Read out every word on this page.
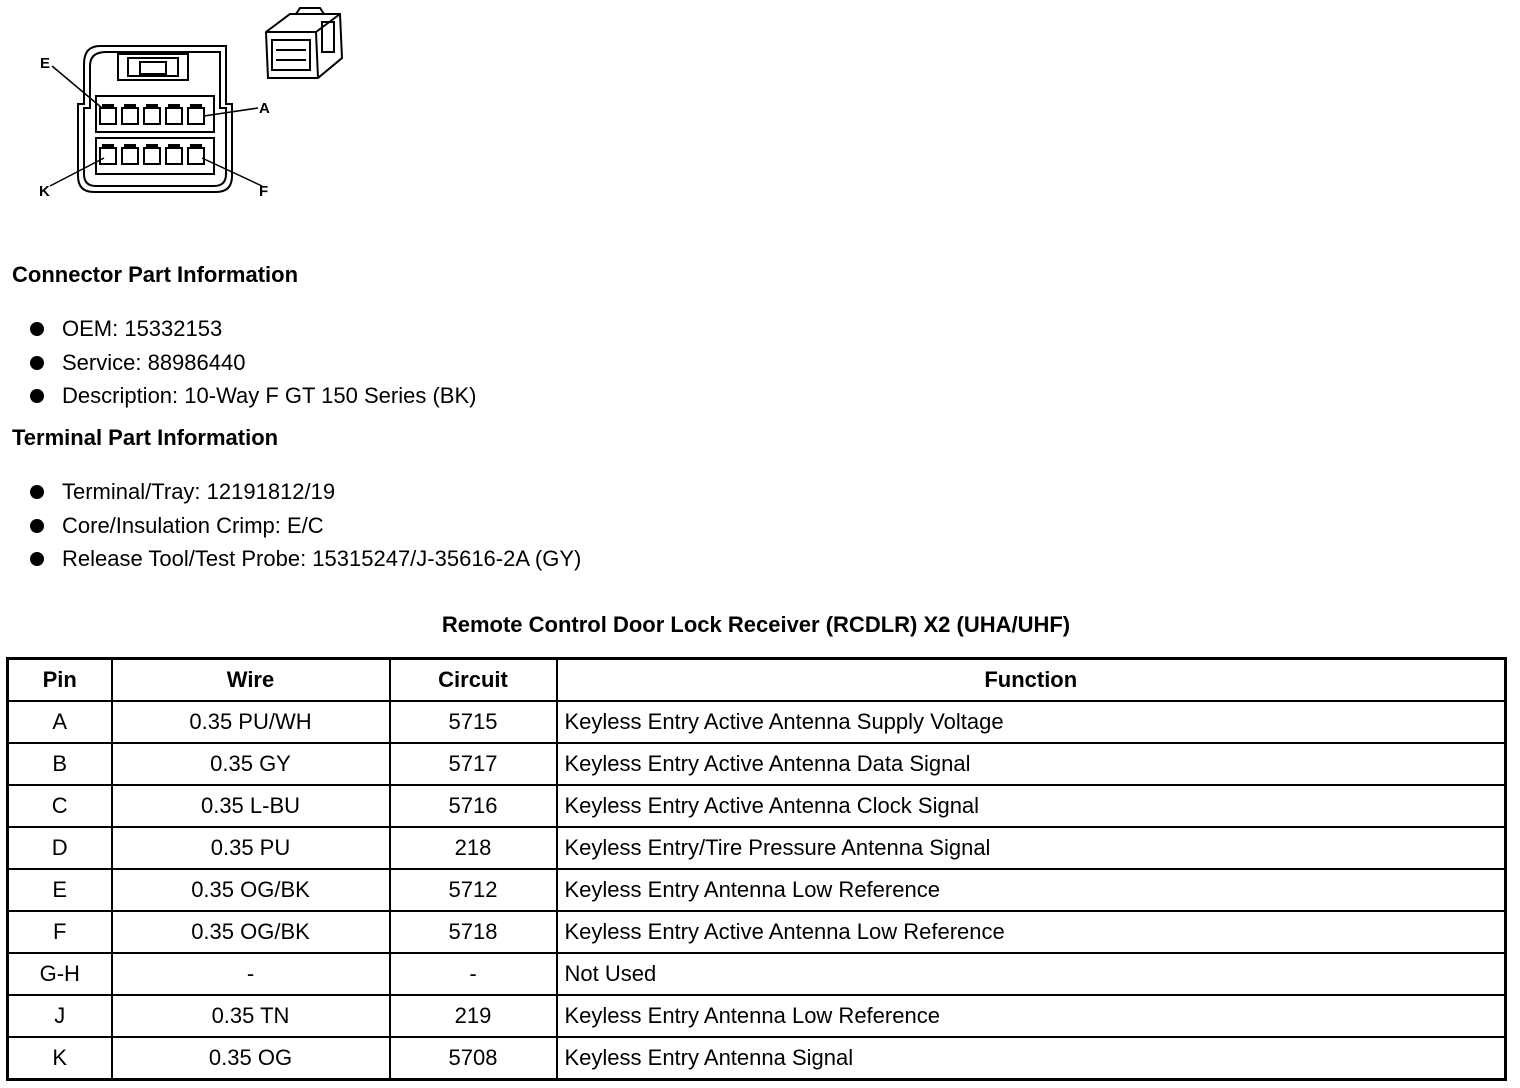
E
A
K	F
Connector Part Information
OEM: 15332153
Service: 88986440
Description: 10-Way F GT 150 Series (BK)
Terminal Part Information
Terminal/Tray: 12191812/19
Core/Insulation Crimp: E/C
Release Tool/Test Probe: 15315247/J-35616-2A (GY)
Remote Control Door Lock Receiver (RCDLR) X2 (UHA/UHF)
Pin	Wire	Circuit	Function
A	0.35 PU/WH	5715	Keyless Entry Active Antenna Supply Voltage
B	0.35 GY	5717	Keyless Entry Active Antenna Data Signal
C	0.35 L-BU	5716	Keyless Entry Active Antenna Clock Signal
D	0.35 PU	218	Keyless Entry/Tire Pressure Antenna Signal
E	0.35 OG/BK	5712	Keyless Entry Antenna Low Reference
F	0.35 OG/BK	5718	Keyless Entry Active Antenna Low Reference
G-H	-	-	Not Used
J	0.35 TN	219	Keyless Entry Antenna Low Reference
K	0.35 OG	5708	Keyless Entry Antenna Signal
